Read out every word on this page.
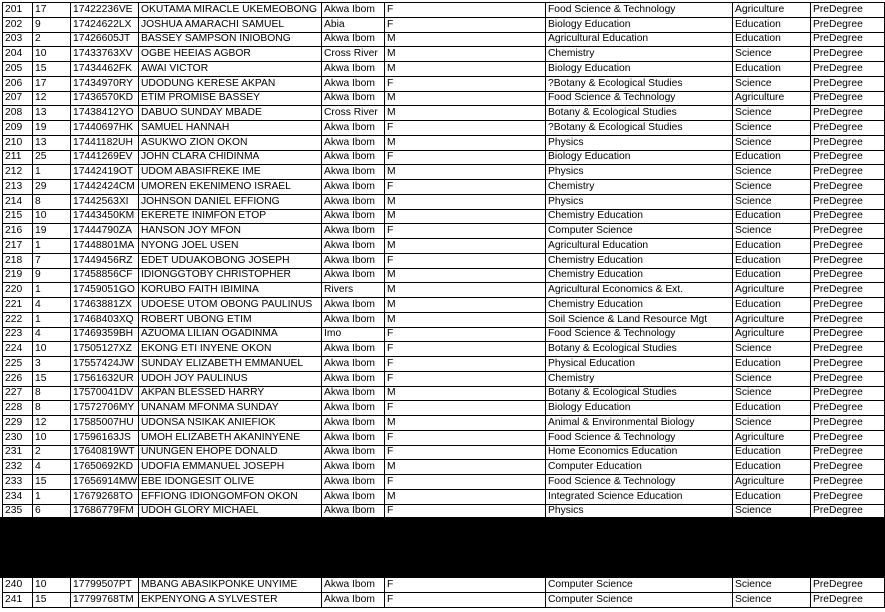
201	17	17422236VE	OKUTAMA MIRACLE UKEMEOBONG	Akwa Ibom	F	Food Science & Technology	Agriculture	PreDegree
202	9	17424622LX	JOSHUA AMARACHI SAMUEL	Abia	F	Biology Education	Education	PreDegree
203	2	17426605JT	BASSEY SAMPSON INIOBONG	Akwa Ibom	M	Agricultural Education	Education	PreDegree
204	10	17433763XV	OGBE HEEIAS AGBOR	Cross River	M	Chemistry	Science	PreDegree
205	15	17434462FK	AWAI VICTOR	Akwa Ibom	M	Biology Education	Education	PreDegree
206	17	17434970RY	UDODUNG KERESE AKPAN	Akwa Ibom	F	?Botany & Ecological Studies	Science	PreDegree
207	12	17436570KD	ETIM PROMISE BASSEY	Akwa Ibom	M	Food Science & Technology	Agriculture	PreDegree
208	13	17438412YO	DABUO SUNDAY MBADE	Cross River	M	Botany & Ecological Studies	Science	PreDegree
209	19	17440697HK	SAMUEL HANNAH	Akwa Ibom	F	?Botany & Ecological Studies	Science	PreDegree
210	13	17441182UH	ASUKWO ZION OKON	Akwa Ibom	M	Physics	Science	PreDegree
211	25	17441269EV	JOHN CLARA CHIDINMA	Akwa Ibom	F	Biology Education	Education	PreDegree
212	1	17442419OT	UDOM ABASIFREKE IME	Akwa Ibom	M	Physics	Science	PreDegree
213	29	17442424CM	UMOREN EKENIMENO ISRAEL	Akwa Ibom	F	Chemistry	Science	PreDegree
214	8	17442563XI	JOHNSON DANIEL EFFIONG	Akwa Ibom	M	Physics	Science	PreDegree
215	10	17443450KM	EKERETE INIMFON ETOP	Akwa Ibom	M	Chemistry Education	Education	PreDegree
216	19	17444790ZA	HANSON JOY MFON	Akwa Ibom	F	Computer Science	Science	PreDegree
217	1	17448801MA	NYONG JOEL USEN	Akwa Ibom	M	Agricultural Education	Education	PreDegree
218	7	17449456RZ	EDET UDUAKOBONG JOSEPH	Akwa Ibom	F	Chemistry Education	Education	PreDegree
219	9	17458856CF	IDIONGGTOBY CHRISTOPHER	Akwa Ibom	M	Chemistry Education	Education	PreDegree
220	1	17459051GO	KORUBO FAITH IBIMINA	Rivers	M	Agricultural Economics & Ext.	Agriculture	PreDegree
221	4	17463881ZX	UDOESE UTOM OBONG PAULINUS	Akwa Ibom	M	Chemistry Education	Education	PreDegree
222	1	17468403XQ	ROBERT UBONG ETIM	Akwa Ibom	M	Soil Science & Land Resource Mgt	Agriculture	PreDegree
223	4	17469359BH	AZUOMA LILIAN OGADINMA	Imo	F	Food Science & Technology	Agriculture	PreDegree
224	10	17505127XZ	EKONG ETI INYENE OKON	Akwa Ibom	F	Botany & Ecological Studies	Science	PreDegree
225	3	17557424JW	SUNDAY ELIZABETH EMMANUEL	Akwa Ibom	F	Physical Education	Education	PreDegree
226	15	17561632UR	UDOH JOY PAULINUS	Akwa Ibom	F	Chemistry	Science	PreDegree
227	8	17570041DV	AKPAN BLESSED HARRY	Akwa Ibom	M	Botany & Ecological Studies	Science	PreDegree
228	8	17572706MY	UNANAM MFONMA SUNDAY	Akwa Ibom	F	Biology Education	Education	PreDegree
229	12	17585007HU	UDONSA NSIKAK ANIEFIOK	Akwa Ibom	M	Animal & Environmental Biology	Science	PreDegree
230	10	17596163JS	UMOH ELIZABETH AKANINYENE	Akwa Ibom	F	Food Science & Technology	Agriculture	PreDegree
231	2	17640819WT	UNUNGEN EHOPE DONALD	Akwa Ibom	F	Home Economics Education	Education	PreDegree
232	4	17650692KD	UDOFIA EMMANUEL JOSEPH	Akwa Ibom	M	Computer Education	Education	PreDegree
233	15	17656914MW	EBE IDONGESIT OLIVE	Akwa Ibom	F	Food Science & Technology	Agriculture	PreDegree
234	1	17679268TO	EFFIONG IDIONGOMFON OKON	Akwa Ibom	M	Integrated Science Education	Education	PreDegree
235	6	17686779FM	UDOH GLORY MICHAEL	Akwa Ibom	F	Physics	Science	PreDegree
240	10	17799507PT	MBANG ABASIKPONKE UNYIME	Akwa Ibom	F	Computer Science	Science	PreDegree
241	15	17799768TM	EKPENYONG A SYLVESTER	Akwa Ibom	F	Computer Science	Science	PreDegree
